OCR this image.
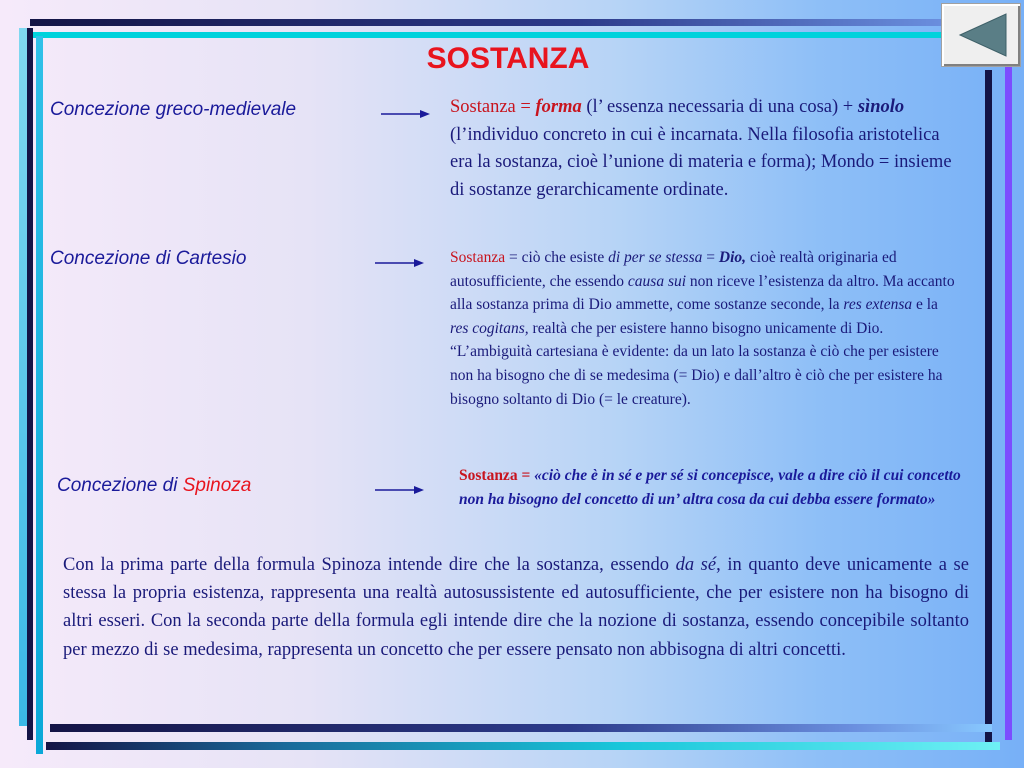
SOSTANZA
Concezione greco-medievale	Sostanza = forma (l’ essenza necessaria di una cosa) + sìnolo (l’individuo concreto in cui è incarnata. Nella filosofia aristotelica era la sostanza, cioè l’unione di materia e forma); Mondo = insieme di sostanze gerarchicamente ordinate.
Concezione di Cartesio	Sostanza = ciò che esiste di per se stessa = Dio, cioè realtà originaria ed autosufficiente, che essendo causa sui non riceve l’esistenza da altro. Ma accanto alla sostanza prima di Dio ammette, come sostanze seconde, la res extensa e la res cogitans, realtà che per esistere hanno bisogno unicamente di Dio. “L’ambiguità cartesiana è evidente: da un lato la sostanza è ciò che per esistere non ha bisogno che di se medesima (= Dio) e dall’altro è ciò che per esistere ha bisogno soltanto di Dio (= le creature).
Concezione di Spinoza	Sostanza = «ciò che è in sé e per sé si concepisce, vale a dire ciò il cui concetto non ha bisogno del concetto di un’ altra cosa da cui debba essere formato»
Con la prima parte della formula Spinoza intende dire che la sostanza, essendo da sé, in quanto deve unicamente a se stessa la propria esistenza, rappresenta una realtà autosussistente ed autosufficiente, che per esistere non ha bisogno di altri esseri. Con la seconda parte della formula egli intende dire che la nozione di sostanza, essendo concepibile soltanto per mezzo di se medesima, rappresenta un concetto che per essere pensato non abbisogna di altri concetti.
